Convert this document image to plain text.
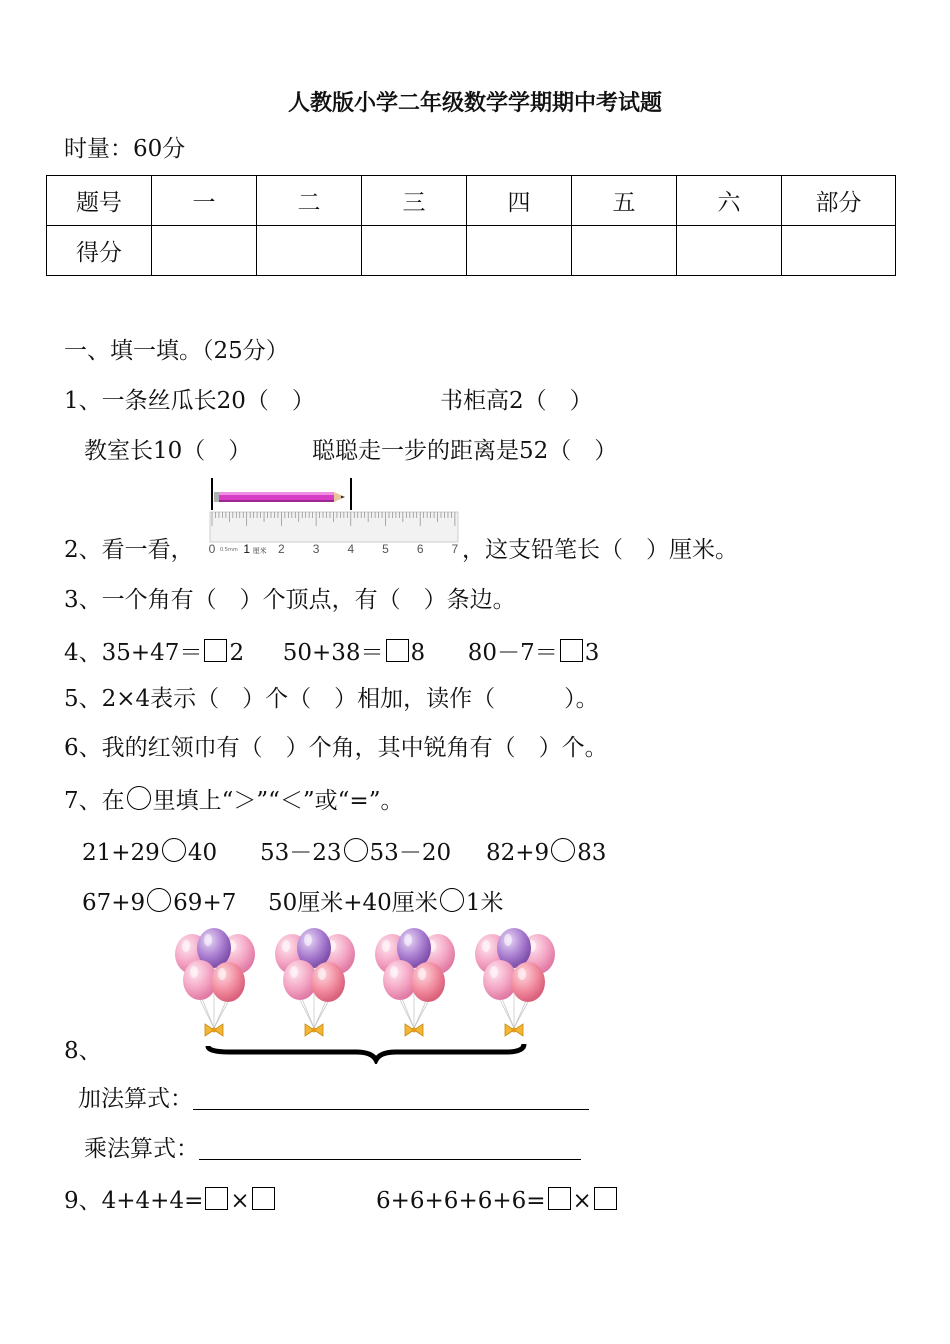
人教版小学二年级数学学期期中考试题
时量：60分
题号	一	二	三	四	五	六	部分
得分							
一、填一填。（25分）
1、一条丝瓜长20（　）	书柜高2（　）
教室长10（　）	聪聪走一步的距离是52（　）
0 1 2 3 4 5 6 7
厘米
0.5mm
2、看一看，	，这支铅笔长（　）厘米。
3、一个角有（　）个顶点，有（　）条边。
4、35+47＝ 2 50+38＝ 8 80－7＝ 3
5、2×4表示（　）个（　）相加，读作（　　　）。
6、我的红领巾有（　）个角，其中锐角有（　）个。
7、在 里填上“＞”“＜”或“=”。
21+29 40 53－23 53－20 82+9 83
67+9 69+7 50厘米+40厘米 1米
8、
加法算式：
乘法算式：
9、4+4+4= ×	6+6+6+6+6= ×
